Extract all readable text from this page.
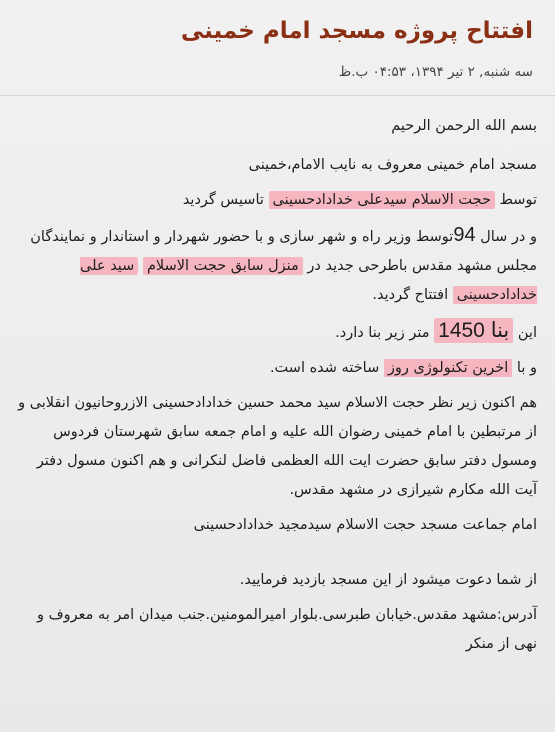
افتتاح پروژه مسجد امام خمینی
سه شنبه, ۲ تیر ۱۳۹۴، ۰۴:۵۳ ب.ظ

بسم الله الرحمن الرحیم

مسجد امام خمینی معروف به نایب الامام،خمینی

توسط حجت الاسلام سیدعلی خدادادحسینی تاسیس گردید

و در سال 94توسط وزیر راه و شهر سازی و با حضور شهردار و استاندار و نمایندگان مجلس مشهد مقدس باطرحی جدید در منزل سابق حجت الاسلام سید علی خدادادحسینی افتتاح گردید.

این بنا 1450 متر زیر بنا دارد.

و با اخرین تکنولوژی روز ساخته شده است.

هم اکنون زیر نظر حجت الاسلام سید محمد حسین خدادادحسینی الازروحانیون انقلابی و از مرتبطین با امام خمینی رضوان الله علیه و امام جمعه سابق شهرستان فردوس ومسول دفتر سابق حضرت ایت الله العظمی فاضل لنکرانی و هم اکنون مسول دفتر آیت الله مکارم شیرازی در مشهد مقدس.

امام جماعت مسجد حجت الاسلام سیدمجید خدادادحسینی

از شما دعوت میشود از این مسجد بازدید فرمایید.

آدرس:مشهد مقدس.خیابان طبرسی.بلوار امیرالمومنین.جنب میدان امر به معروف و نهی از منکر
